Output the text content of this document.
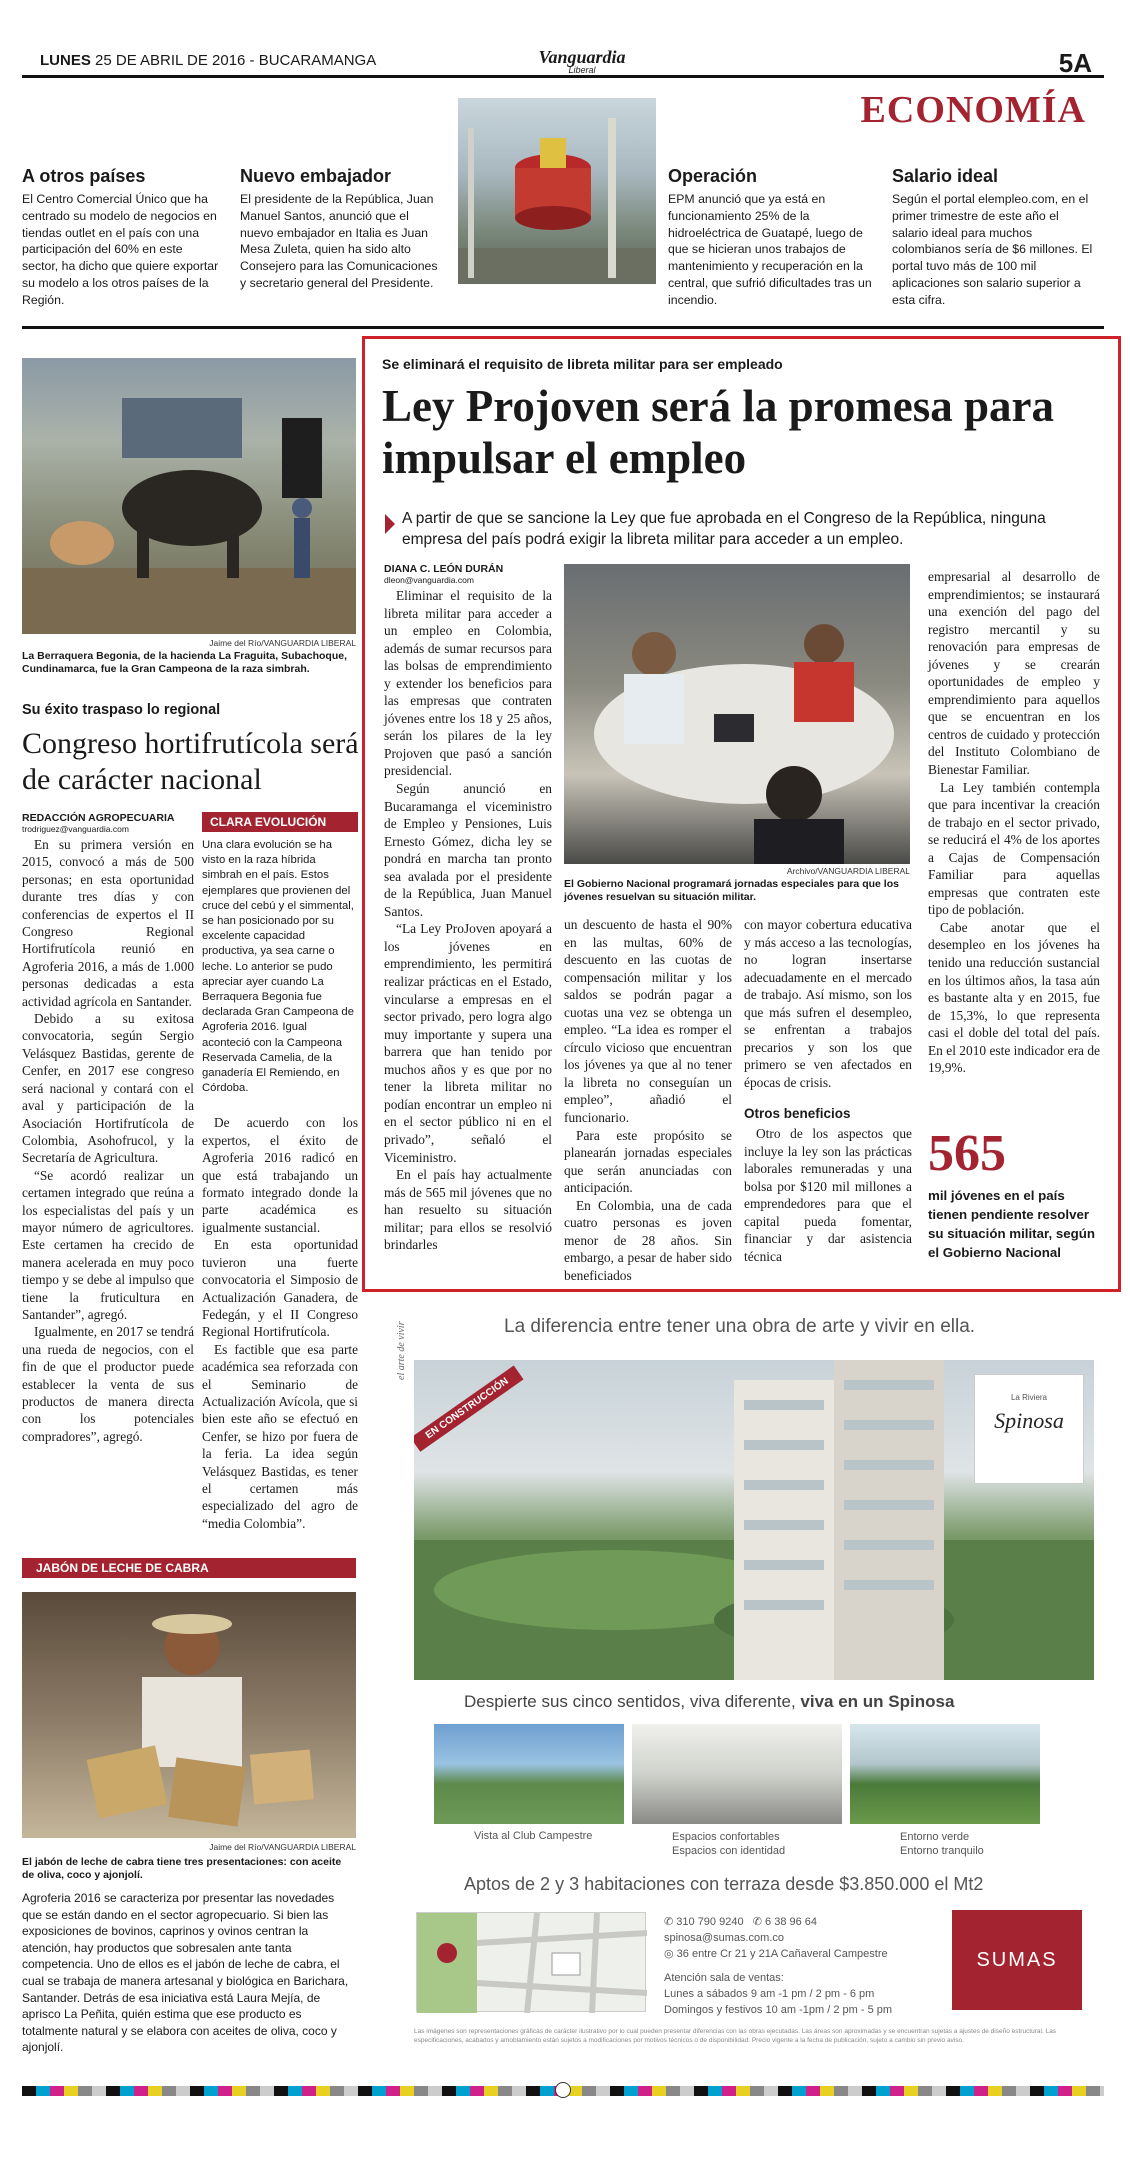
LUNES 25 DE ABRIL DE 2016 - BUCARAMANGA	Vanguardia
Liberal	5A
ECONOMÍA
A otros países
El Centro Comercial Único que ha centrado su modelo de negocios en tiendas outlet en el país con una participación del 60% en este sector, ha dicho que quiere exportar su modelo a los otros países de la Región.
Nuevo embajador
El presidente de la República, Juan Manuel Santos, anunció que el nuevo embajador en Italia es Juan Mesa Zuleta, quien ha sido alto Consejero para las Comunicaciones y secretario general del Presidente.
Operación
EPM anunció que ya está en funcionamiento 25% de la hidroeléctrica de Guatapé, luego de que se hicieran unos trabajos de mantenimiento y recuperación en la central, que sufrió dificultades tras un incendio.
Salario ideal
Según el portal elempleo.com, en el primer trimestre de este año el salario ideal para muchos colombianos sería de $6 millones. El portal tuvo más de 100 mil aplicaciones son salario superior a esta cifra.
Jaime del Río/VANGUARDIA LIBERAL
La Berraquera Begonia, de la hacienda La Fraguita, Subachoque, Cundinamarca, fue la Gran Campeona de la raza simbrah.
Su éxito traspaso lo regional
Congreso hortifrutícola será de carácter nacional
REDACCIÓN AGROPECUARIA
trodriguez@vanguardia.com

En su primera versión en 2015, convocó a más de 500 personas; en esta oportunidad durante tres días y con conferencias de expertos el II Congreso Regional Hortifrutícola reunió en Agroferia 2016, a más de 1.000 personas dedicadas a esta actividad agrícola en Santander.

Debido a su exitosa convocatoria, según Sergio Velásquez Bastidas, gerente de Cenfer, en 2017 ese congreso será nacional y contará con el aval y participación de la Asociación Hortifrutícola de Colombia, Asohofrucol, y la Secretaría de Agricultura.

“Se acordó realizar un certamen integrado que reúna a los especialistas del país y un mayor número de agricultores. Este certamen ha crecido de manera acelerada en muy poco tiempo y se debe al impulso que tiene la fruticultura en Santander”, agregó.

Igualmente, en 2017 se tendrá una rueda de negocios, con el fin de que el productor puede establecer la venta de sus productos de manera directa con los potenciales compradores”, agregó.

CLARA EVOLUCIÓN
Una clara evolución se ha visto en la raza híbrida simbrah en el país. Estos ejemplares que provienen del cruce del cebú y el simmental, se han posicionado por su excelente capacidad productiva, ya sea carne o leche. Lo anterior se pudo apreciar ayer cuando La Berraquera Begonia fue declarada Gran Campeona de Agroferia 2016. Igual aconteció con la Campeona Reservada Camelia, de la ganadería El Remiendo, en Córdoba.

De acuerdo con los expertos, el éxito de Agroferia 2016 radicó en que está trabajando un formato integrado donde la parte académica es igualmente sustancial.

En esta oportunidad tuvieron una fuerte convocatoria el Simposio de Actualización Ganadera, de Fedegán, y el II Congreso Regional Hortifrutícola.

Es factible que esa parte académica sea reforzada con el Seminario de Actualización Avícola, que si bien este año se efectuó en Cenfer, se hizo por fuera de la feria. La idea según Velásquez Bastidas, es tener el certamen más especializado del agro de “media Colombia”.

JABÓN DE LECHE DE CABRA
Jaime del Río/VANGUARDIA LIBERAL
El jabón de leche de cabra tiene tres presentaciones: con aceite de oliva, coco y ajonjolí.
Agroferia 2016 se caracteriza por presentar las novedades que se están dando en el sector agropecuario. Si bien las exposiciones de bovinos, caprinos y ovinos centran la atención, hay productos que sobresalen ante tanta competencia. Uno de ellos es el jabón de leche de cabra, el cual se trabaja de manera artesanal y biológica en Barichara, Santander. Detrás de esa iniciativa está Laura Mejía, de aprisco La Peñita, quién estima que ese producto es totalmente natural y se elabora con aceites de oliva, coco y ajonjolí.
Se eliminará el requisito de libreta militar para ser empleado
Ley Projoven será la promesa para impulsar el empleo
A partir de que se sancione la Ley que fue aprobada en el Congreso de la República, ninguna empresa del país podrá exigir la libreta militar para acceder a un empleo.
DIANA C. LEÓN DURÁN
dleon@vanguardia.com

Eliminar el requisito de la libreta militar para acceder a un empleo en Colombia, además de sumar recursos para las bolsas de emprendimiento y extender los beneficios para las empresas que contraten jóvenes entre los 18 y 25 años, serán los pilares de la ley Projoven que pasó a sanción presidencial.

Según anunció en Bucaramanga el viceministro de Empleo y Pensiones, Luis Ernesto Gómez, dicha ley se pondrá en marcha tan pronto sea avalada por el presidente de la República, Juan Manuel Santos.

“La Ley ProJoven apoyará a los jóvenes en emprendimiento, les permitirá realizar prácticas en el Estado, vincularse a empresas en el sector privado, pero logra algo muy importante y supera una barrera que han tenido por muchos años y es que por no tener la libreta militar no podían encontrar un empleo ni en el sector público ni en el privado”, señaló el Viceministro.

En el país hay actualmente más de 565 mil jóvenes que no han resuelto su situación militar; para ellos se resolvió brindarles

Archivo/VANGUARDIA LIBERAL
El Gobierno Nacional programará jornadas especiales para que los jóvenes resuelvan su situación militar.

un descuento de hasta el 90% en las multas, 60% de descuento en las cuotas de compensación militar y los saldos se podrán pagar a cuotas una vez se obtenga un empleo. “La idea es romper el círculo vicioso que encuentran los jóvenes ya que al no tener la libreta no conseguían un empleo”, añadió el funcionario.

Para este propósito se planearán jornadas especiales que serán anunciadas con anticipación.

En Colombia, una de cada cuatro personas es joven menor de 28 años. Sin embargo, a pesar de haber sido beneficiados

con mayor cobertura educativa y más acceso a las tecnologías, no logran insertarse adecuadamente en el mercado de trabajo. Así mismo, son los que más sufren el desempleo, se enfrentan a trabajos precarios y son los que primero se ven afectados en épocas de crisis.

Otros beneficios

Otro de los aspectos que incluye la ley son las prácticas laborales remuneradas y una bolsa por $120 mil millones a emprendedores para que el capital pueda fomentar, financiar y dar asistencia técnica

empresarial al desarrollo de emprendimientos; se instaurará una exención del pago del registro mercantil y su renovación para empresas de jóvenes y se crearán oportunidades de empleo y emprendimiento para aquellos que se encuentran en los centros de cuidado y protección del Instituto Colombiano de Bienestar Familiar.

La Ley también contempla que para incentivar la creación de trabajo en el sector privado, se reducirá el 4% de los aportes a Cajas de Compensación Familiar para aquellas empresas que contraten este tipo de población.

Cabe anotar que el desempleo en los jóvenes ha tenido una reducción sustancial en los últimos años, la tasa aún es bastante alta y en 2015, fue de 15,3%, lo que representa casi el doble del total del país. En el 2010 este indicador era de 19,9%.

565
mil jóvenes en el país tienen pendiente resolver su situación militar, según el Gobierno Nacional
el arte de vivir	La diferencia entre tener una obra de arte y vivir en ella.
EN CONSTRUCCIÓN	La Riviera
Spinosa
Despierte sus cinco sentidos, viva diferente, viva en un Spinosa
Vista al Club Campestre	Espacios confortables
Espacios con identidad
Entorno verde
Entorno tranquilo
Aptos de 2 y 3 habitaciones con terraza desde $3.850.000 el Mt2
✆ 310 790 9240   ✆ 6 38 96 64
spinosa@sumas.com.co
◎ 36 entre Cr 21 y 21A Cañaveral Campestre
Atención sala de ventas:
Lunes a sábados 9 am -1 pm / 2 pm - 6 pm
Domingos y festivos 10 am -1pm / 2 pm - 5 pm
SUMAS
Las imágenes son representaciones gráficas de carácter ilustrativo por lo cual pueden presentar diferencias con las obras ejecutadas. Las áreas son aproximadas y se encuentran sujetas a ajustes de diseño estructural. Las especificaciones, acabados y amoblamiento están sujetos a modificaciones por motivos técnicos o de disponibilidad. Precio vigente a la fecha de publicación, sujeto a cambio sin previo aviso.
